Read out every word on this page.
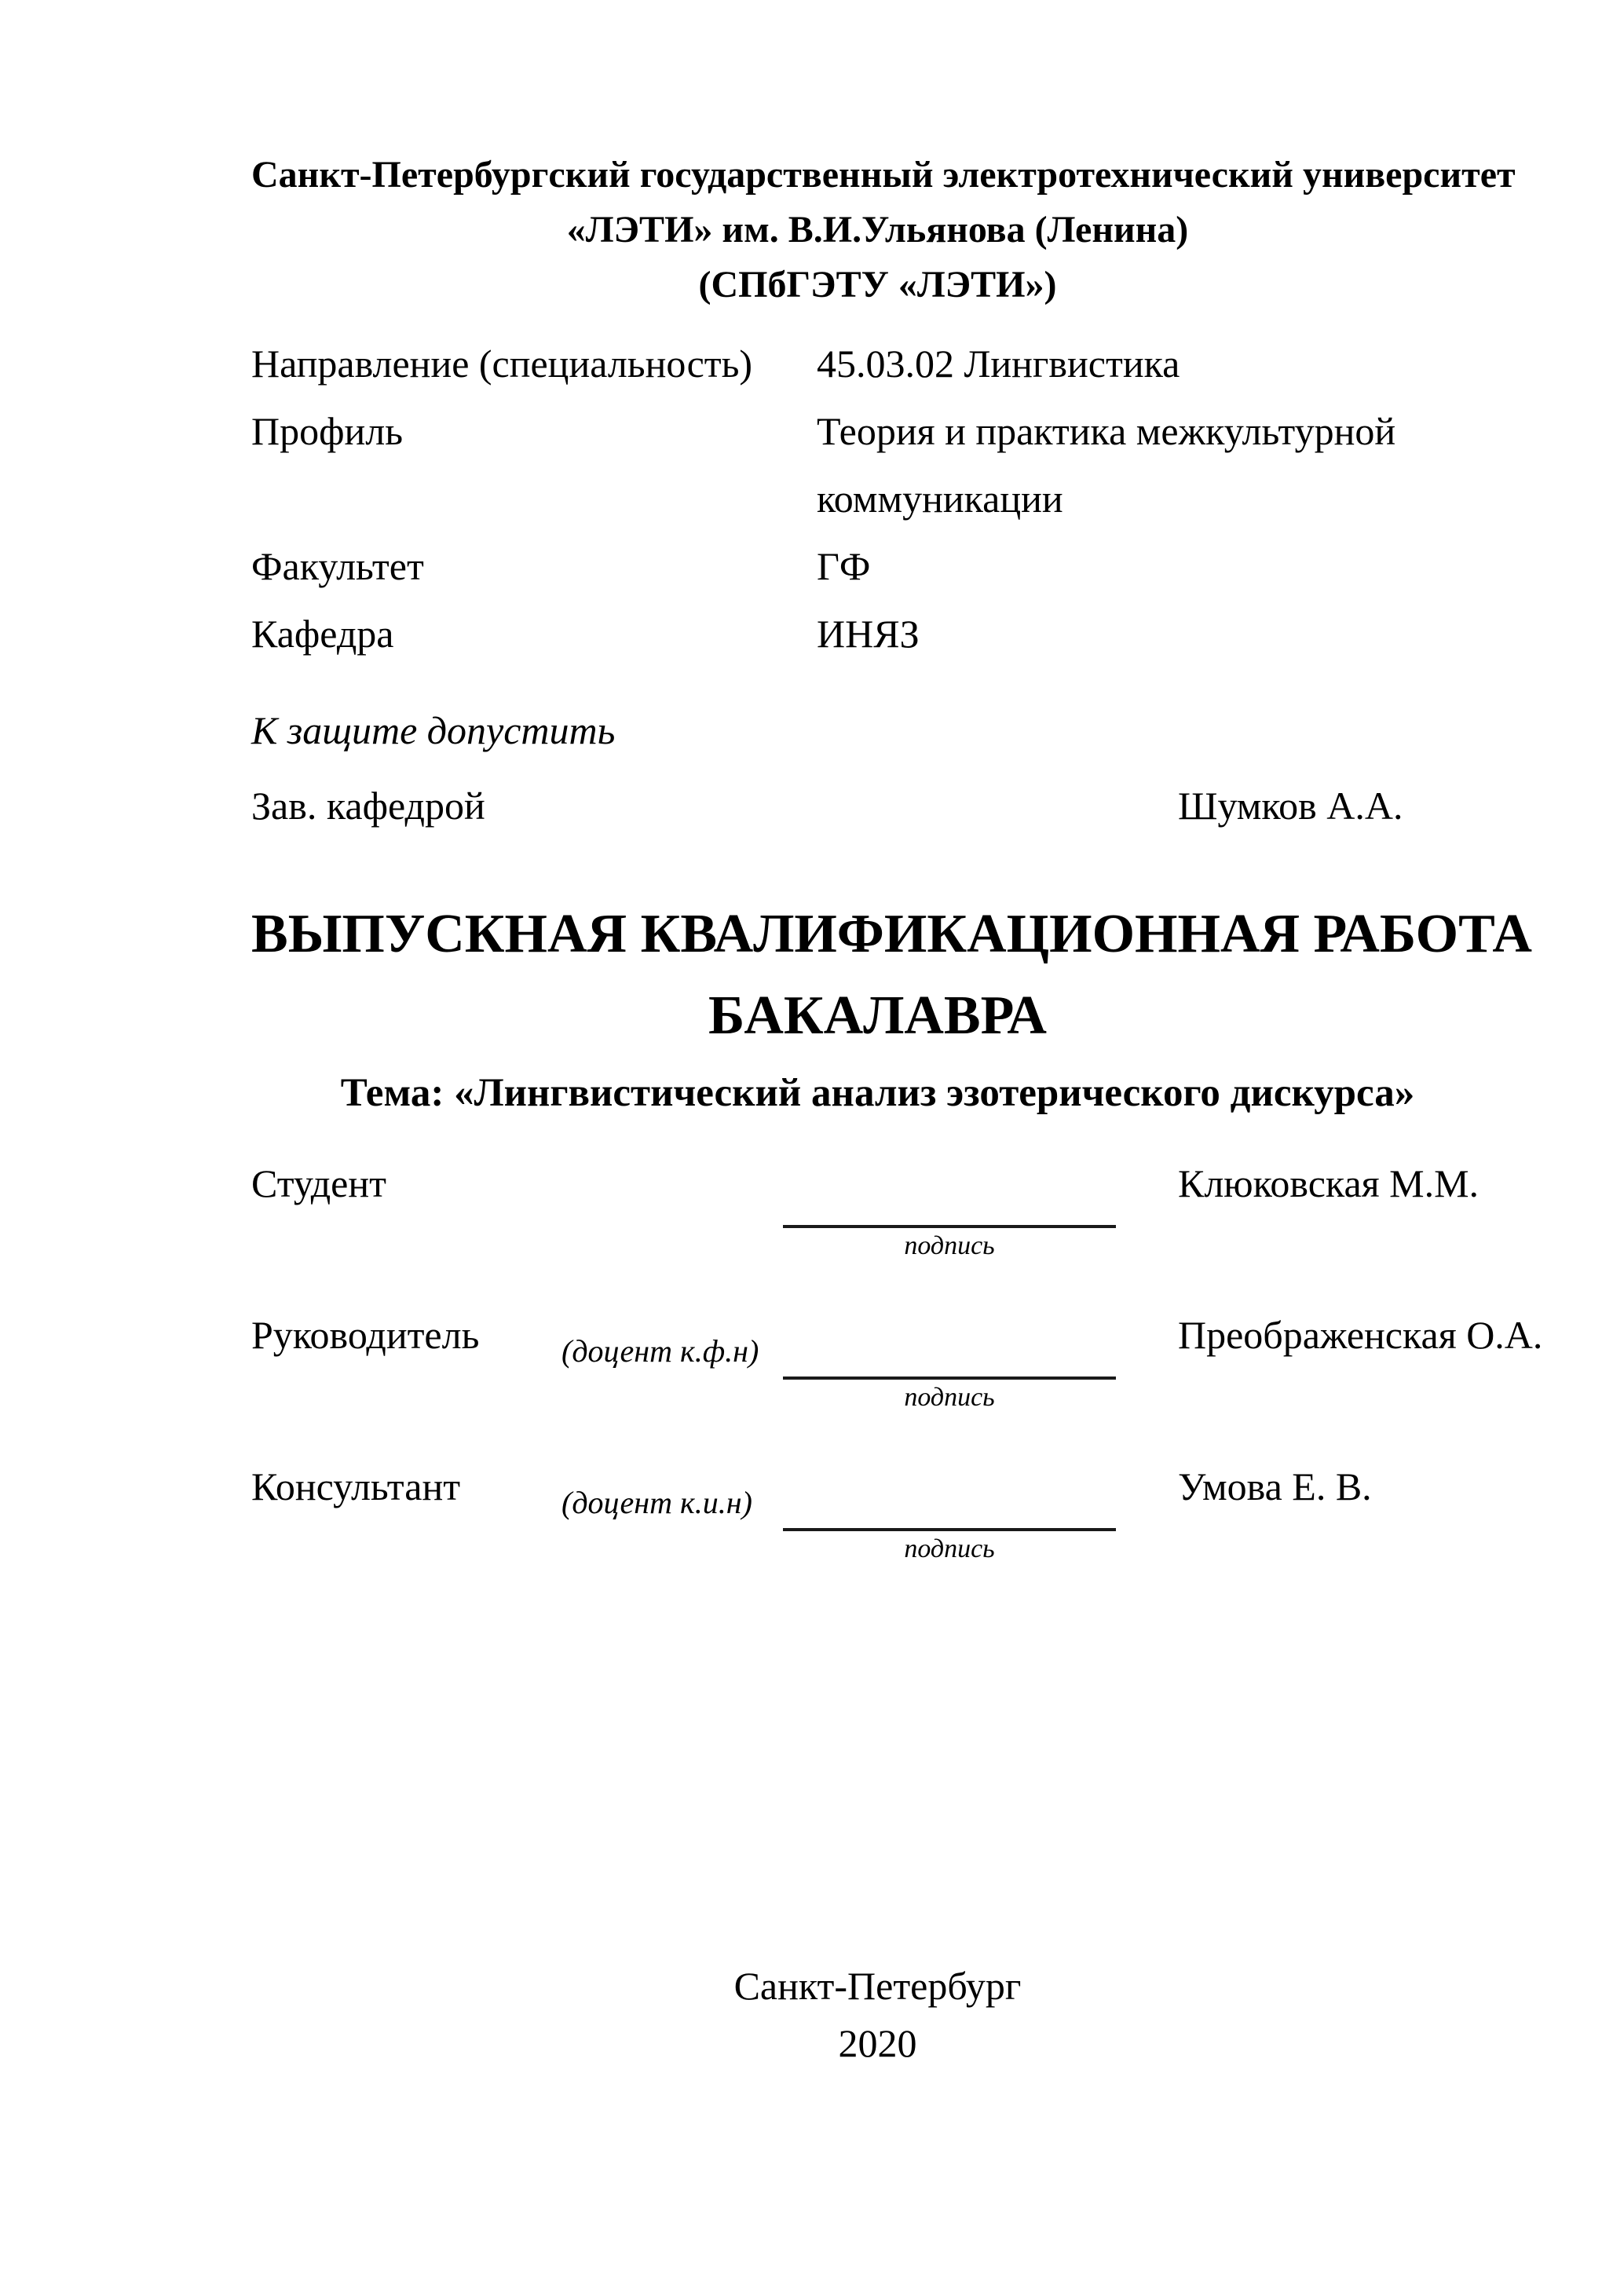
Санкт-Петербургский государственный электротехнический университет
«ЛЭТИ» им. В.И.Ульянова (Ленина)
(СПбГЭТУ «ЛЭТИ»)
Направление (специальность)	45.03.02 Лингвистика
Профиль	Теория и практика межкультурной коммуникации
Факультет	ГФ
Кафедра	ИНЯЗ
К защите допустить
Зав. кафедрой	Шумков А.А.
ВЫПУСКНАЯ КВАЛИФИКАЦИОННАЯ РАБОТА
БАКАЛАВРА
Тема: «Лингвистический анализ эзотерического дискурса»
Студент	Клюковская М.М.
подпись
Руководитель	(доцент к.ф.н)	Преображенская О.А.
подпись
Консультант	(доцент к.и.н)	Умова Е. В.
подпись
Санкт-Петербург
2020
